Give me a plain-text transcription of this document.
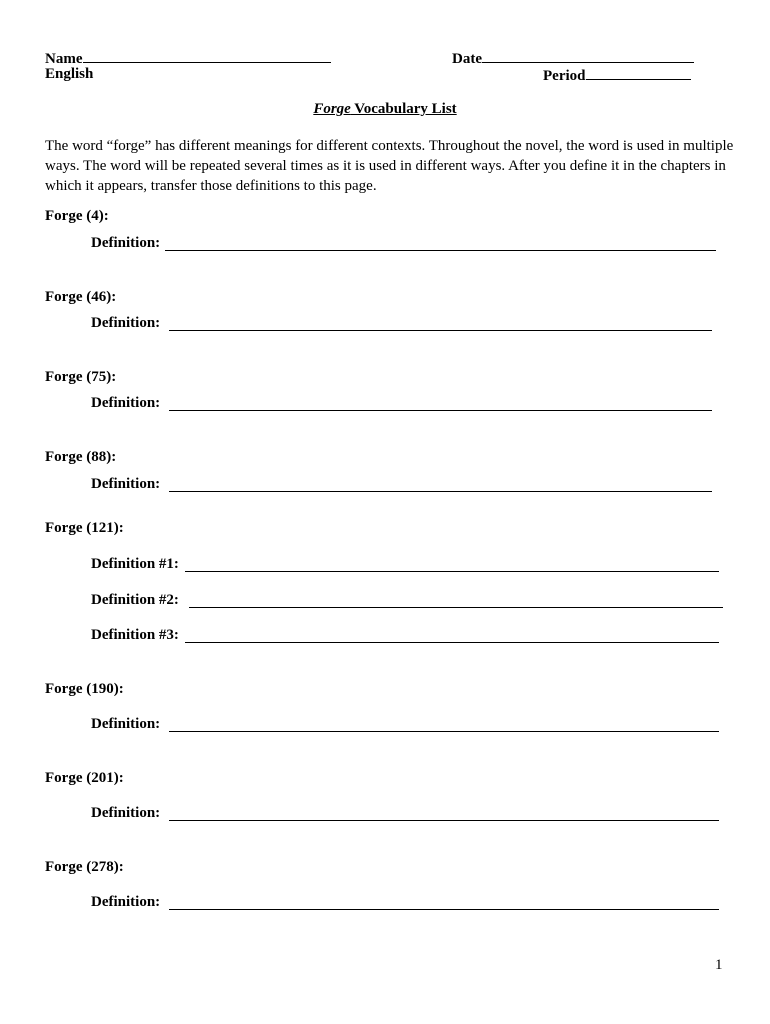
Name	Date
English	Period
Forge Vocabulary List
The word “forge” has different meanings for different contexts. Throughout the novel, the word is used in multiple ways. The word will be repeated several times as it is used in different ways. After you define it in the chapters in which it appears, transfer those definitions to this page.
Forge (4):
Definition:
Forge (46):
Definition:
Forge (75):
Definition:
Forge (88):
Definition:
Forge (121):
Definition #1:
Definition #2:
Definition #3:
Forge (190):
Definition:
Forge (201):
Definition:
Forge (278):
Definition:
1
